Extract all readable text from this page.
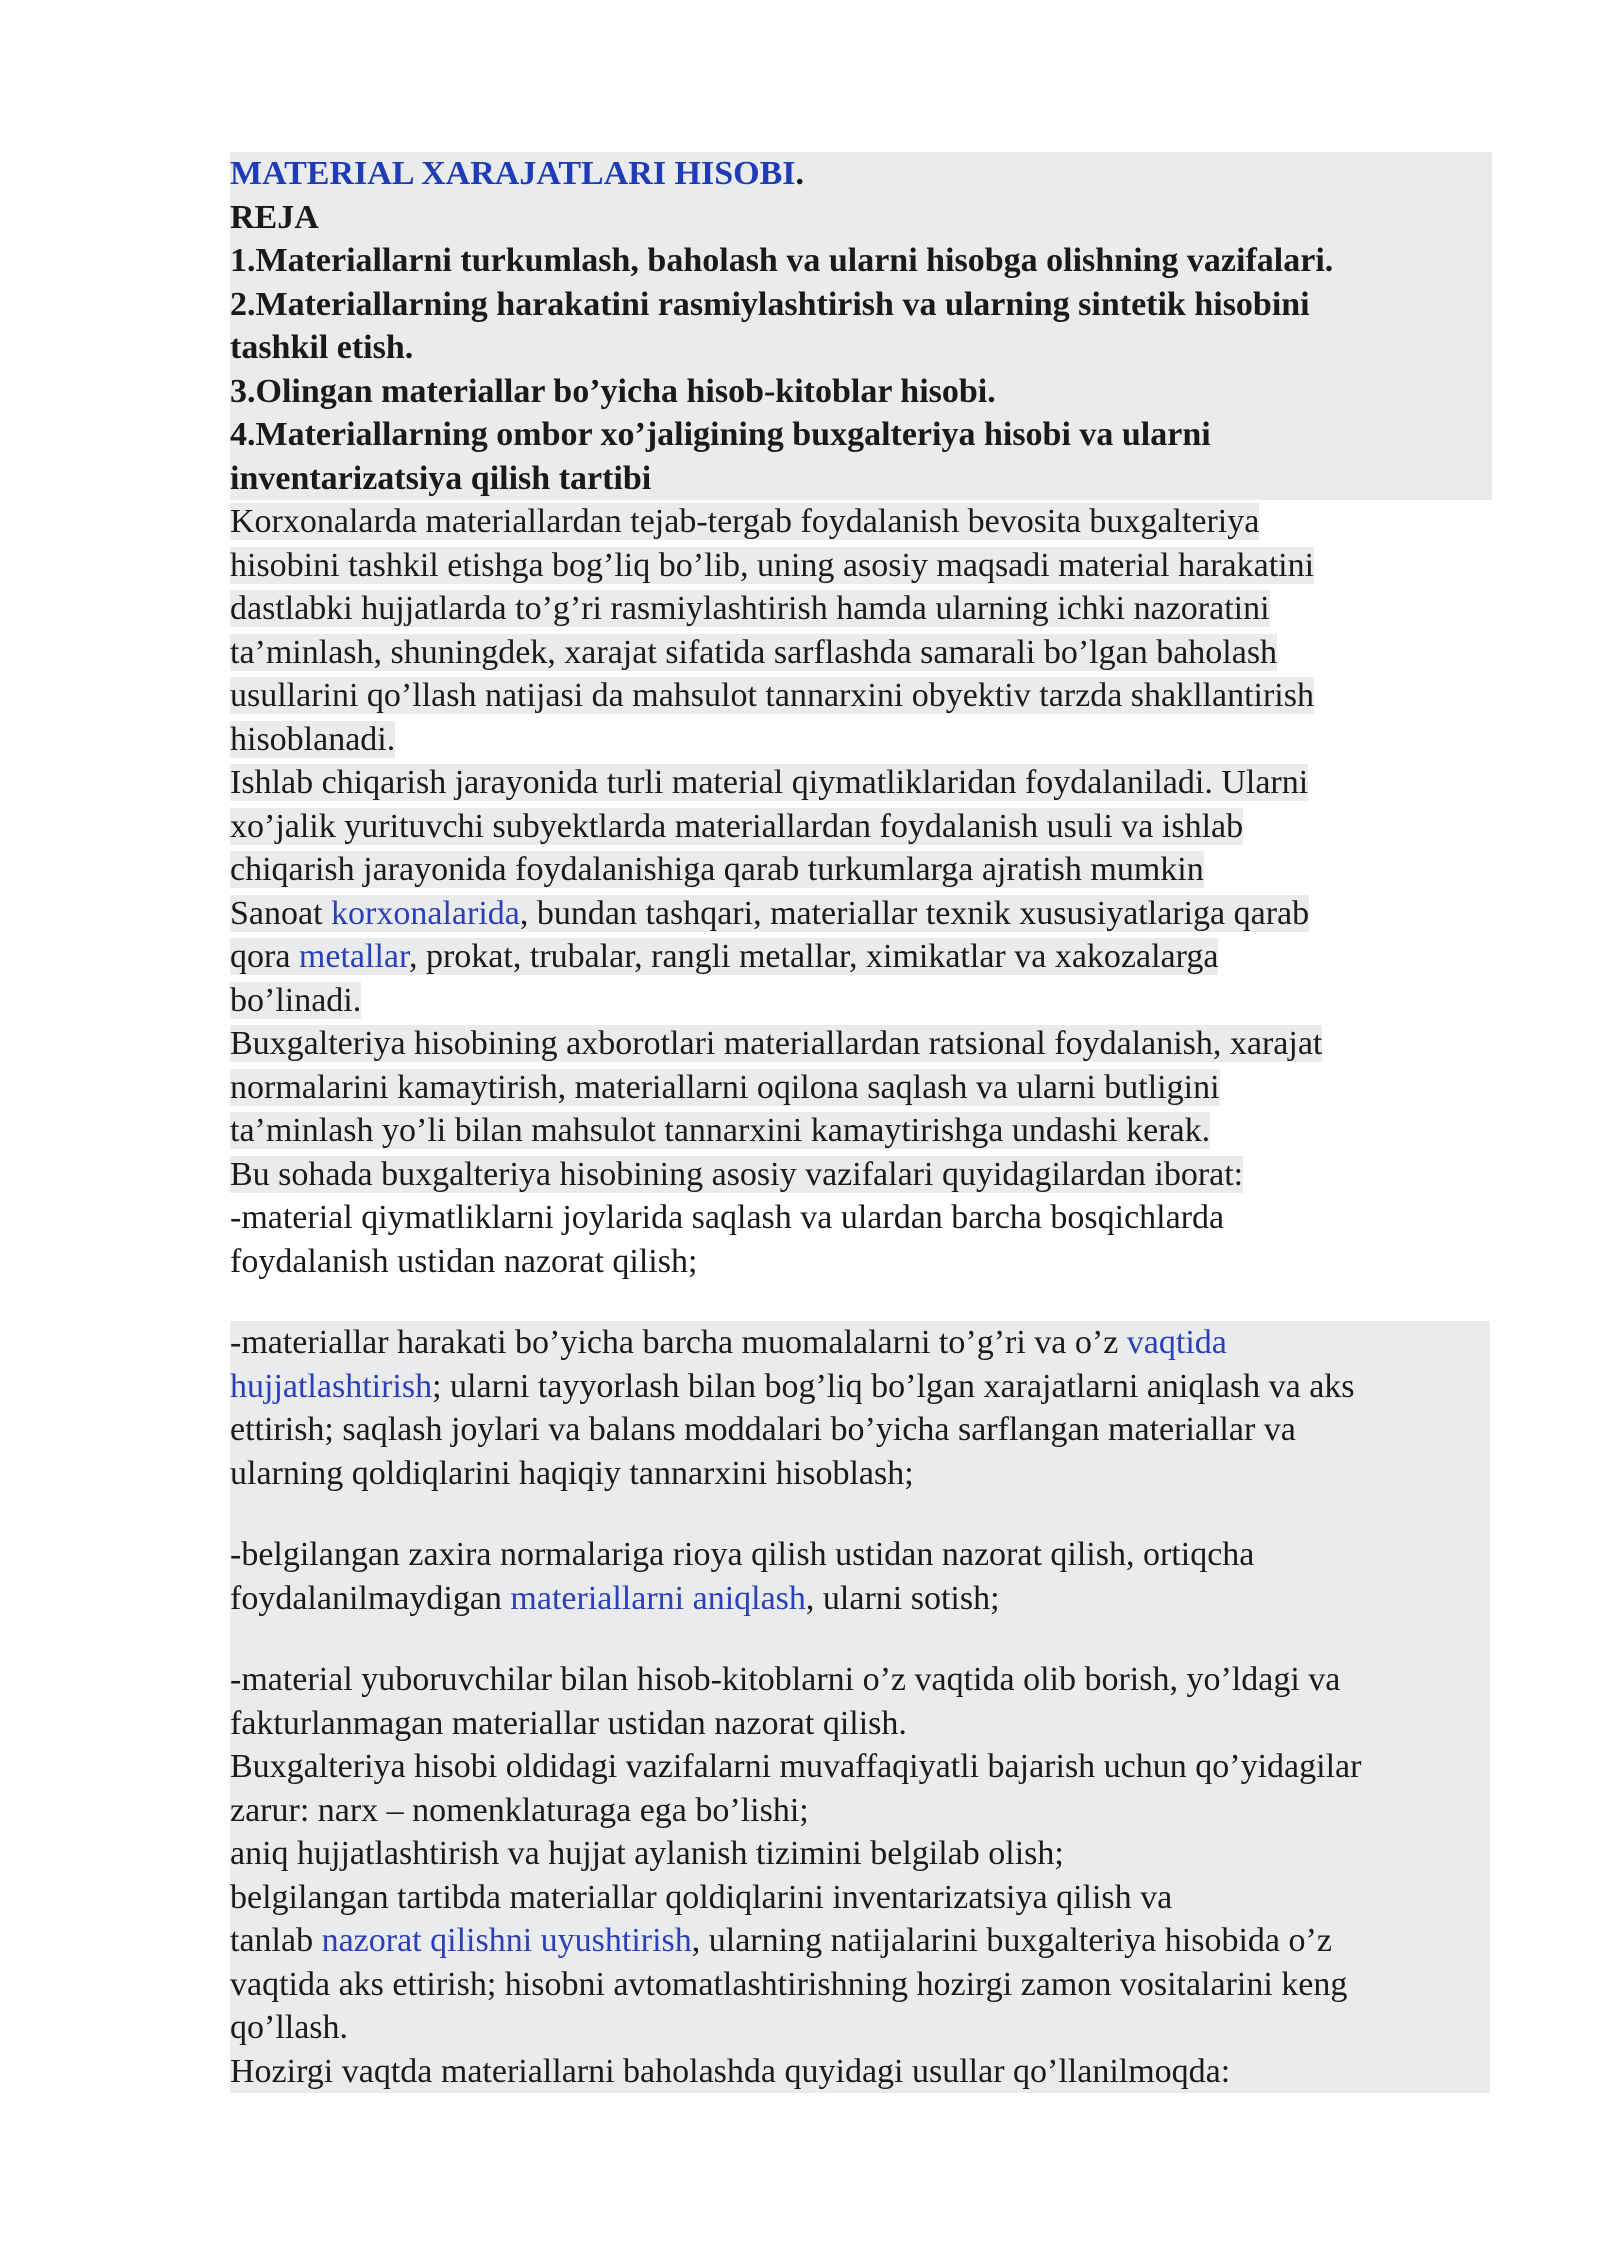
MATERIAL XARAJATLARI HISOBI.
REJA
1.Materiallarni turkumlash, baholash va ularni hisobga olishning vazifalari.
2.Materiallarning harakatini rasmiylashtirish va ularning sintetik hisobini
tashkil etish.
3.Olingan materiallar bo’yicha hisob-kitoblar hisobi.
4.Materiallarning ombor xo’jaligining buxgalteriya hisobi va ularni
inventarizatsiya qilish tartibi
Korxonalarda materiallardan tejab-tergab foydalanish bevosita buxgalteriya
hisobini tashkil etishga bog’liq bo’lib, uning asosiy maqsadi material harakatini
dastlabki hujjatlarda to’g’ri rasmiylashtirish hamda ularning ichki nazoratini
ta’minlash, shuningdek, xarajat sifatida sarflashda samarali bo’lgan baholash
usullarini qo’llash natijasi da mahsulot tannarxini obyektiv tarzda shakllantirish
hisoblanadi.
Ishlab chiqarish jarayonida turli material qiymatliklaridan foydalaniladi. Ularni
xo’jalik yurituvchi subyektlarda materiallardan foydalanish usuli va ishlab
chiqarish jarayonida foydalanishiga qarab turkumlarga ajratish mumkin
Sanoat korxonalarida, bundan tashqari, materiallar texnik xususiyatlariga qarab
qora metallar, prokat, trubalar, rangli metallar, ximikatlar va xakozalarga
bo’linadi.
Buxgalteriya hisobining axborotlari materiallardan ratsional foydalanish, xarajat
normalarini kamaytirish, materiallarni oqilona saqlash va ularni butligini
ta’minlash yo’li bilan mahsulot tannarxini kamaytirishga undashi kerak.
Bu sohada buxgalteriya hisobining asosiy vazifalari quyidagilardan iborat:
-material qiymatliklarni joylarida saqlash va ulardan barcha bosqichlarda
foydalanish ustidan nazorat qilish;
-materiallar harakati bo’yicha barcha muomalalarni to’g’ri va o’z vaqtida
hujjatlashtirish; ularni tayyorlash bilan bog’liq bo’lgan xarajatlarni aniqlash va aks
ettirish; saqlash joylari va balans moddalari bo’yicha sarflangan materiallar va
ularning qoldiqlarini haqiqiy tannarxini hisoblash;
-belgilangan zaxira normalariga rioya qilish ustidan nazorat qilish, ortiqcha
foydalanilmaydigan materiallarni aniqlash, ularni sotish;
-material yuboruvchilar bilan hisob-kitoblarni o’z vaqtida olib borish, yo’ldagi va
fakturlanmagan materiallar ustidan nazorat qilish.
Buxgalteriya hisobi oldidagi vazifalarni muvaffaqiyatli bajarish uchun qo’yidagilar
zarur: narx – nomenklaturaga ega bo’lishi;
aniq hujjatlashtirish va hujjat aylanish tizimini belgilab olish;
belgilangan tartibda materiallar qoldiqlarini inventarizatsiya qilish va
tanlab nazorat qilishni uyushtirish, ularning natijalarini buxgalteriya hisobida o’z
vaqtida aks ettirish; hisobni avtomatlashtirishning hozirgi zamon vositalarini keng
qo’llash.
Hozirgi vaqtda materiallarni baholashda quyidagi usullar qo’llanilmoqda:
